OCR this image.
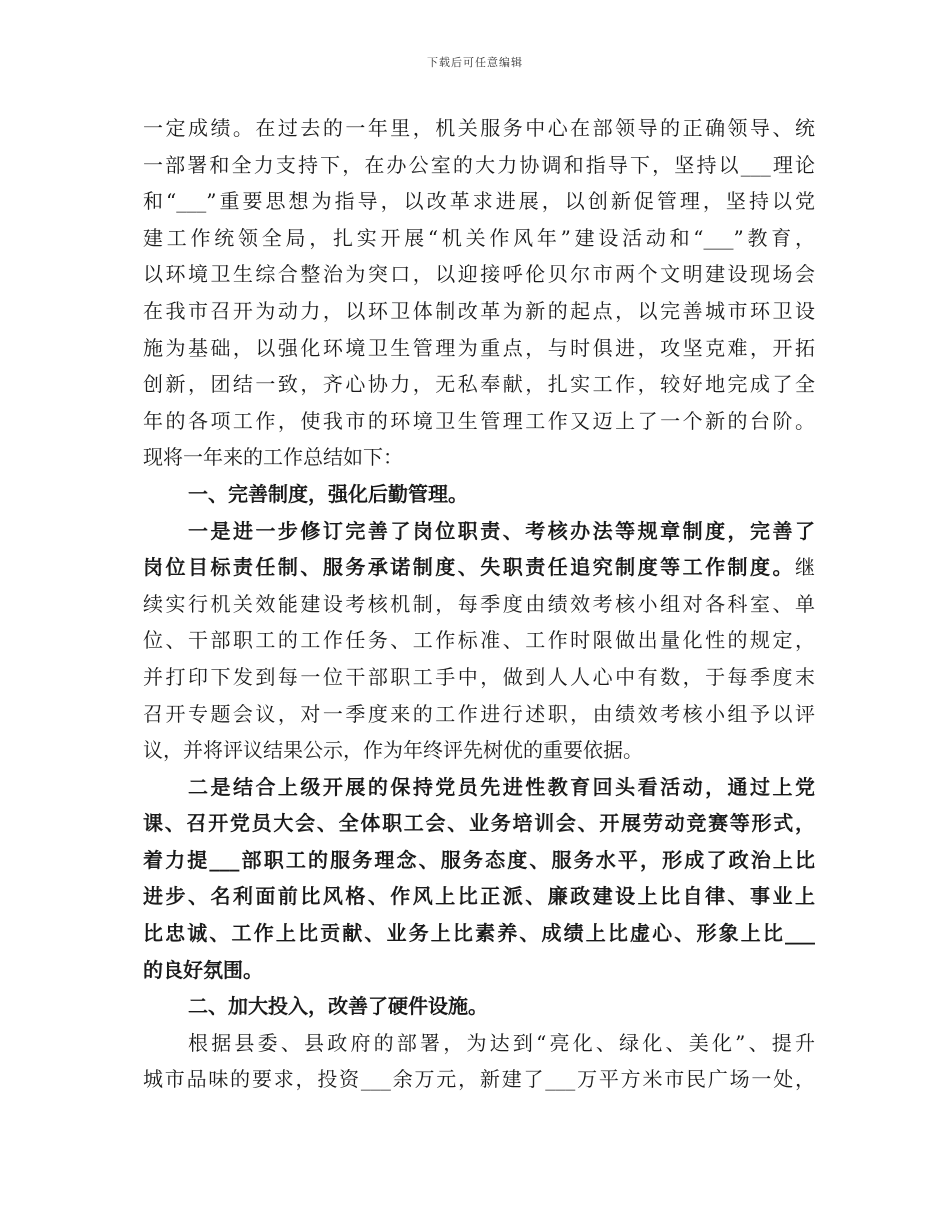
下载后可任意编辑
一定成绩。在过去的一年里，机关服务中心在部领导的正确领导、统
一部署和全力支持下，在办公室的大力协调和指导下，坚持以___理论
和“___”重要思想为指导，以改革求进展，以创新促管理，坚持以党
建工作统领全局，扎实开展“机关作风年”建设活动和“___”教育，
以环境卫生综合整治为突口，以迎接呼伦贝尔市两个文明建设现场会
在我市召开为动力，以环卫体制改革为新的起点，以完善城市环卫设
施为基础，以强化环境卫生管理为重点，与时俱进，攻坚克难，开拓
创新，团结一致，齐心协力，无私奉献，扎实工作，较好地完成了全
年的各项工作，使我市的环境卫生管理工作又迈上了一个新的台阶。
现将一年来的工作总结如下：
一、完善制度，强化后勤管理。
一是进一步修订完善了岗位职责、考核办法等规章制度，完善了
岗位目标责任制、服务承诺制度、失职责任追究制度等工作制度。继
续实行机关效能建设考核机制，每季度由绩效考核小组对各科室、单
位、干部职工的工作任务、工作标准、工作时限做出量化性的规定，
并打印下发到每一位干部职工手中，做到人人心中有数，于每季度末
召开专题会议，对一季度来的工作进行述职，由绩效考核小组予以评
议，并将评议结果公示，作为年终评先树优的重要依据。
二是结合上级开展的保持党员先进性教育回头看活动，通过上党
课、召开党员大会、全体职工会、业务培训会、开展劳动竞赛等形式，
着力提___部职工的服务理念、服务态度、服务水平，形成了政治上比
进步、名利面前比风格、作风上比正派、廉政建设上比自律、事业上
比忠诚、工作上比贡献、业务上比素养、成绩上比虚心、形象上比___
的良好氛围。
二、加大投入，改善了硬件设施。
根据县委、县政府的部署，为达到“亮化、绿化、美化”、提升
城市品味的要求，投资___余万元，新建了___万平方米市民广场一处，
